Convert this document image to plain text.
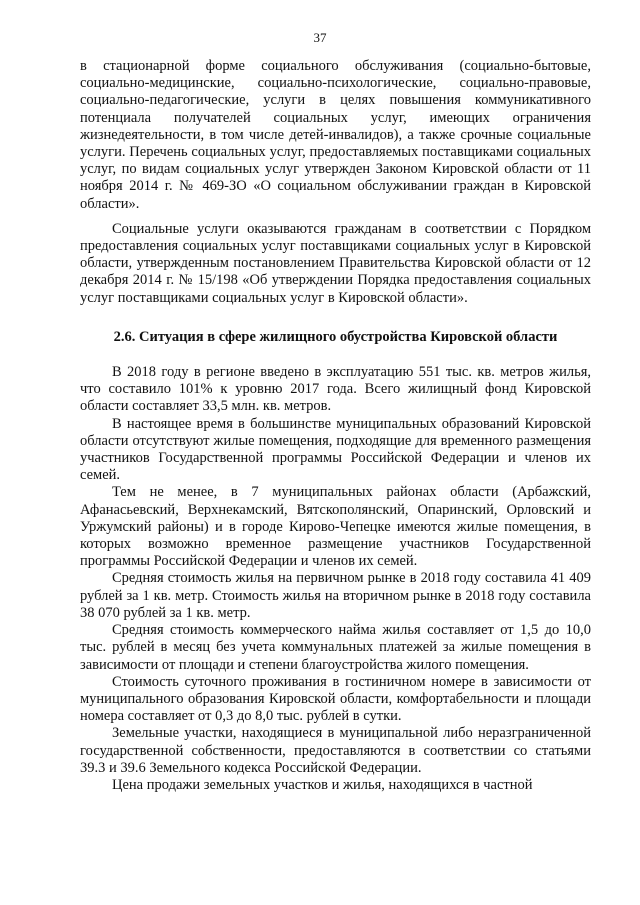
37

в стационарной форме социального обслуживания (социально-бытовые, социально-медицинские, социально-психологические, социально-правовые, социально-педагогические, услуги в целях повышения коммуникативного потенциала получателей социальных услуг, имеющих ограничения жизнедеятельности, в том числе детей-инвалидов), а также срочные социальные услуги. Перечень социальных услуг, предоставляемых поставщиками социальных услуг, по видам социальных услуг утвержден Законом Кировской области от 11 ноября 2014 г. № 469-ЗО «О социальном обслуживании граждан в Кировской области».

Социальные услуги оказываются гражданам в соответствии с Порядком предоставления социальных услуг поставщиками социальных услуг в Кировской области, утвержденным постановлением Правительства Кировской области от 12 декабря 2014 г. № 15/198 «Об утверждении Порядка предоставления социальных услуг поставщиками социальных услуг в Кировской области».

2.6. Ситуация в сфере жилищного обустройства Кировской области

В 2018 году в регионе введено в эксплуатацию 551 тыс. кв. метров жилья, что составило 101% к уровню 2017 года. Всего жилищный фонд Кировской области составляет 33,5 млн. кв. метров.

В настоящее время в большинстве муниципальных образований Кировской области отсутствуют жилые помещения, подходящие для временного размещения участников Государственной программы Российской Федерации и членов их семей.

Тем не менее, в 7 муниципальных районах области (Арбажский, Афанасьевский, Верхнекамский, Вятскополянский, Опаринский, Орловский и Уржумский районы) и в городе Кирово-Чепецке имеются жилые помещения, в которых возможно временное размещение участников Государственной программы Российской Федерации и членов их семей.

Средняя стоимость жилья на первичном рынке в 2018 году составила 41 409 рублей за 1 кв. метр. Стоимость жилья на вторичном рынке в 2018 году составила 38 070 рублей за 1 кв. метр.

Средняя стоимость коммерческого найма жилья составляет от 1,5 до 10,0 тыс. рублей в месяц без учета коммунальных платежей за жилые помещения в зависимости от площади и степени благоустройства жилого помещения.

Стоимость суточного проживания в гостиничном номере в зависимости от муниципального образования Кировской области, комфортабельности и площади номера составляет от 0,3 до 8,0 тыс. рублей в сутки.

Земельные участки, находящиеся в муниципальной либо неразграниченной государственной собственности, предоставляются в соответствии со статьями 39.3 и 39.6 Земельного кодекса Российской Федерации.

Цена продажи земельных участков и жилья, находящихся в частной
